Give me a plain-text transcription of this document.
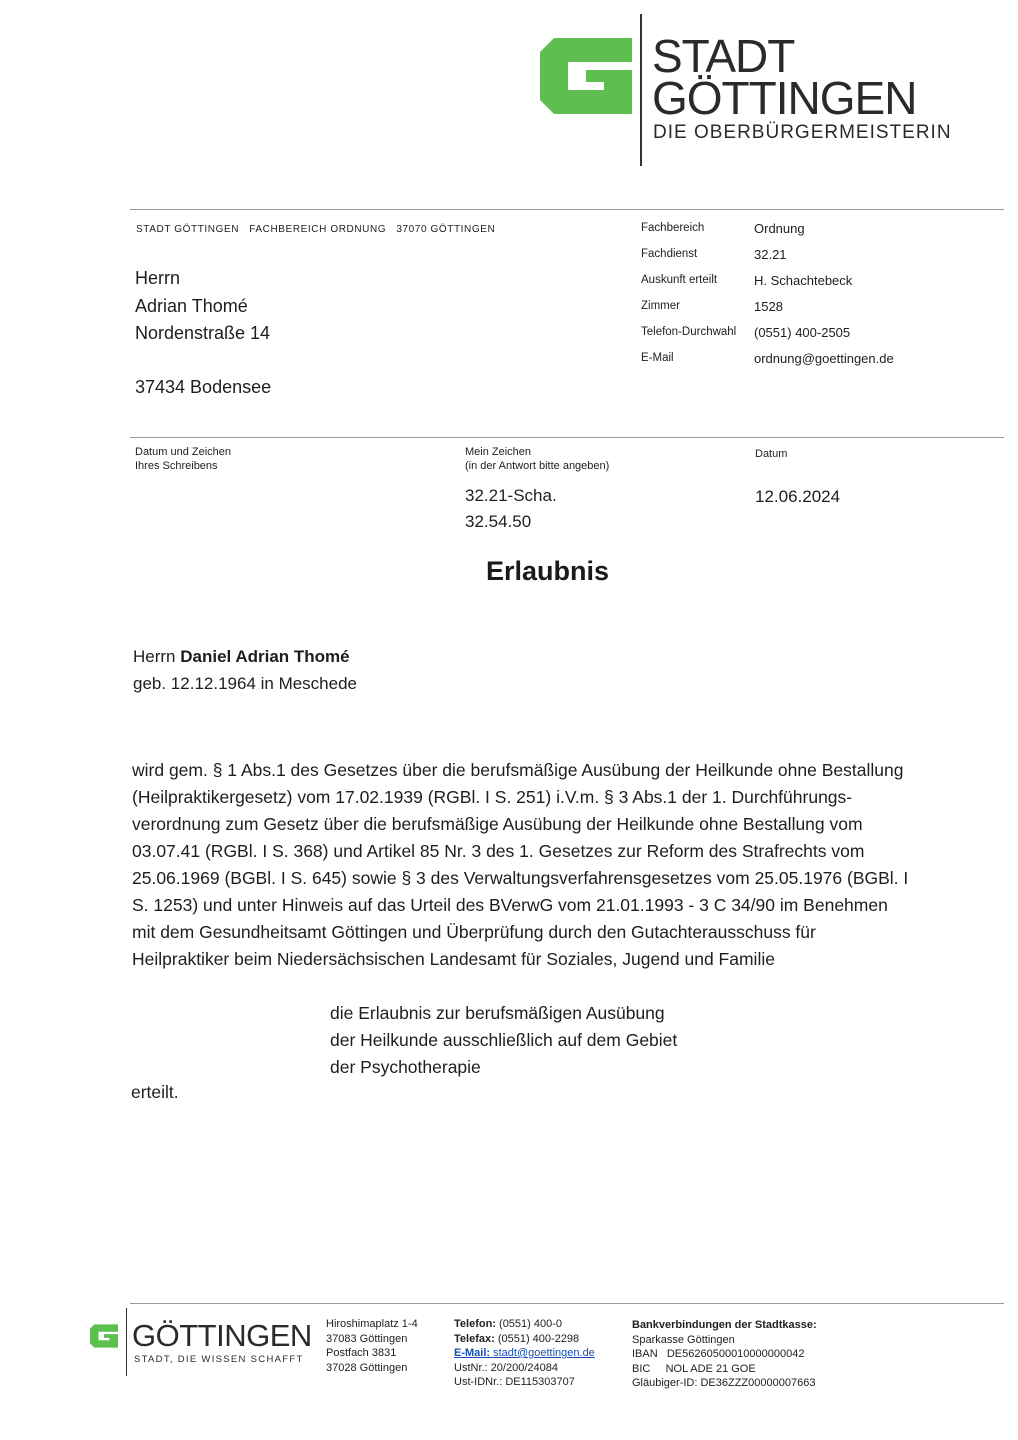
STADT
GÖTTINGEN
DIE OBERBÜRGERMEISTERIN
STADT GÖTTINGEN   FACHBEREICH ORDNUNG   37070 GÖTTINGEN
Herrn
Adrian Thomé
Nordenstraße 14
37434 Bodensee
Fachbereich	Ordnung
Fachdienst	32.21
Auskunft erteilt	H. Schachtebeck
Zimmer	1528
Telefon-Durchwahl (0551) 400-2505
E-Mail	ordnung@goettingen.de
Datum und Zeichen
Ihres Schreibens
Mein Zeichen
(in der Antwort bitte angeben)
32.21-Scha.
32.54.50
Datum
12.06.2024
Erlaubnis
Herrn Daniel Adrian Thomé
geb. 12.12.1964 in Meschede
wird gem. § 1 Abs.1 des Gesetzes über die berufsmäßige Ausübung der Heilkunde ohne Bestallung
(Heilpraktikergesetz) vom 17.02.1939 (RGBl. I S. 251) i.V.m. § 3 Abs.1 der 1. Durchführungs-
verordnung zum Gesetz über die berufsmäßige Ausübung der Heilkunde ohne Bestallung vom
03.07.41 (RGBl. I S. 368) und Artikel 85 Nr. 3 des 1. Gesetzes zur Reform des Strafrechts vom
25.06.1969 (BGBl. I S. 645) sowie § 3 des Verwaltungsverfahrensgesetzes vom 25.05.1976 (BGBl. I
S. 1253) und unter Hinweis auf das Urteil des BVerwG vom 21.01.1993 - 3 C 34/90 im Benehmen
mit dem Gesundheitsamt Göttingen und Überprüfung durch den Gutachterausschuss für
Heilpraktiker beim Niedersächsischen Landesamt für Soziales, Jugend und Familie
die Erlaubnis zur berufsmäßigen Ausübung
der Heilkunde ausschließlich auf dem Gebiet
der Psychotherapie
erteilt.
GÖTTINGEN
STADT, DIE WISSEN SCHAFFT
Hiroshimaplatz 1-4
37083 Göttingen
Postfach 3831
37028 Göttingen
Telefon: (0551) 400-0
Telefax: (0551) 400-2298
E-Mail: stadt@goettingen.de
UstNr.: 20/200/24084
Ust-IDNr.: DE115303707
Bankverbindungen der Stadtkasse:
Sparkasse Göttingen
IBAN   DE56260500010000000042
BIC     NOL ADE 21 GOE
Gläubiger-ID: DE36ZZZ00000007663
